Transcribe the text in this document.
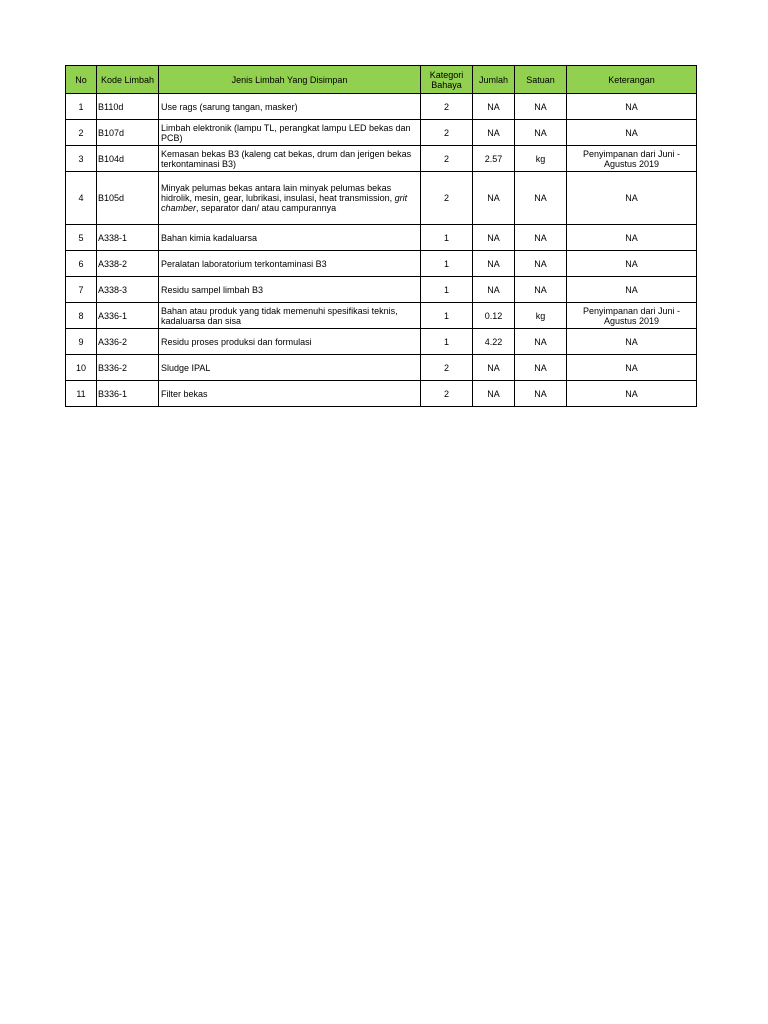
No	Kode Limbah	Jenis Limbah Yang Disimpan	Kategori Bahaya	Jumlah	Satuan	Keterangan
1	B110d	Use rags (sarung tangan, masker)	2	NA	NA	NA
2	B107d	Limbah elektronik (lampu TL, perangkat lampu LED bekas dan PCB)	2	NA	NA	NA
3	B104d	Kemasan bekas B3 (kaleng cat bekas, drum dan jerigen bekas terkontaminasi B3)	2	2.57	kg	Penyimpanan dari Juni - Agustus 2019
4	B105d	Minyak pelumas bekas antara lain minyak pelumas bekas hidrolik, mesin, gear, lubrikasi, insulasi, heat transmission, grit chamber, separator dan/ atau campurannya	2	NA	NA	NA
5	A338-1	Bahan kimia kadaluarsa	1	NA	NA	NA
6	A338-2	Peralatan laboratorium terkontaminasi B3	1	NA	NA	NA
7	A338-3	Residu sampel limbah B3	1	NA	NA	NA
8	A336-1	Bahan atau produk yang tidak memenuhi spesifikasi teknis, kadaluarsa dan sisa	1	0.12	kg	Penyimpanan dari Juni - Agustus 2019
9	A336-2	Residu proses produksi dan formulasi	1	4.22	NA	NA
10	B336-2	Sludge IPAL	2	NA	NA	NA
11	B336-1	Filter bekas	2	NA	NA	NA
